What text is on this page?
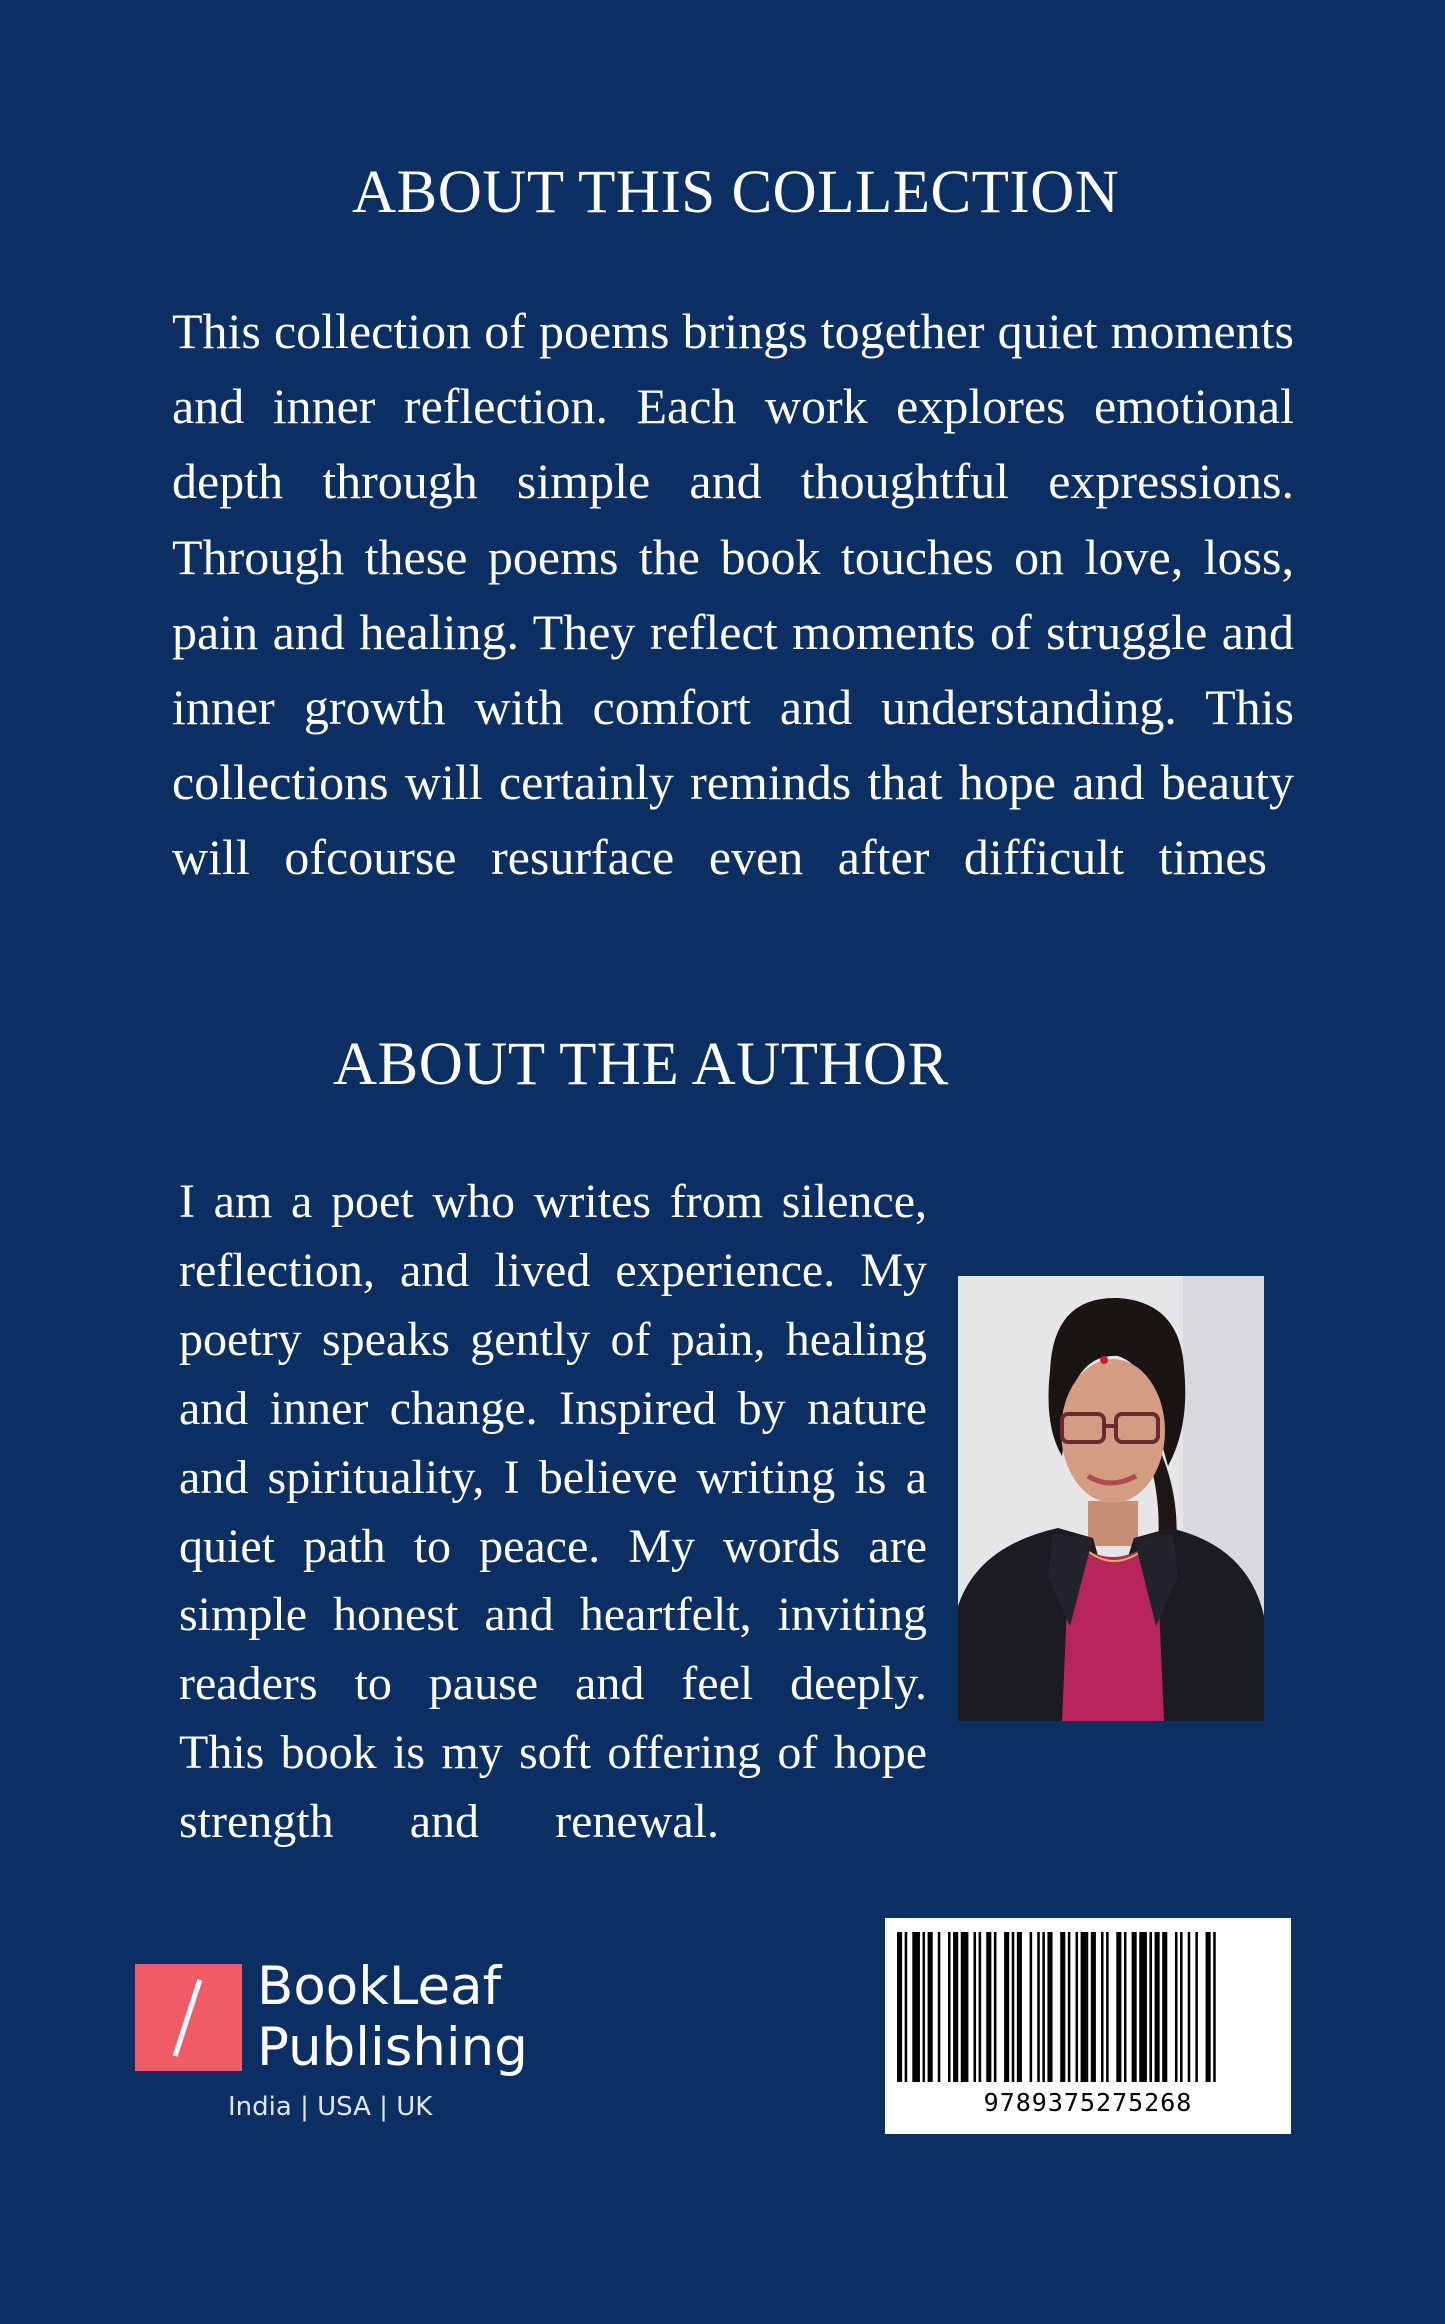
ABOUT THIS COLLECTION
This collection of poems brings together quiet moments
and inner reflection. Each work explores emotional
depth through simple and thoughtful expressions.
Through these poems the book touches on love, loss,
pain and healing. They reflect moments of struggle and
inner growth with comfort and understanding. This
collections will certainly reminds that hope and beauty
will ofcourse resurface even after difficult times
ABOUT THE AUTHOR
I am a poet who writes from silence,
reflection, and lived experience. My
poetry speaks gently of pain, healing
and inner change. Inspired by nature
and spirituality, I believe writing is a
quiet path to peace. My words are
simple honest and heartfelt, inviting
readers to pause and feel deeply.
This book is my soft offering of hope
strength and renewal.
BookLeaf
Publishing
India | USA | UK	9789375275268
